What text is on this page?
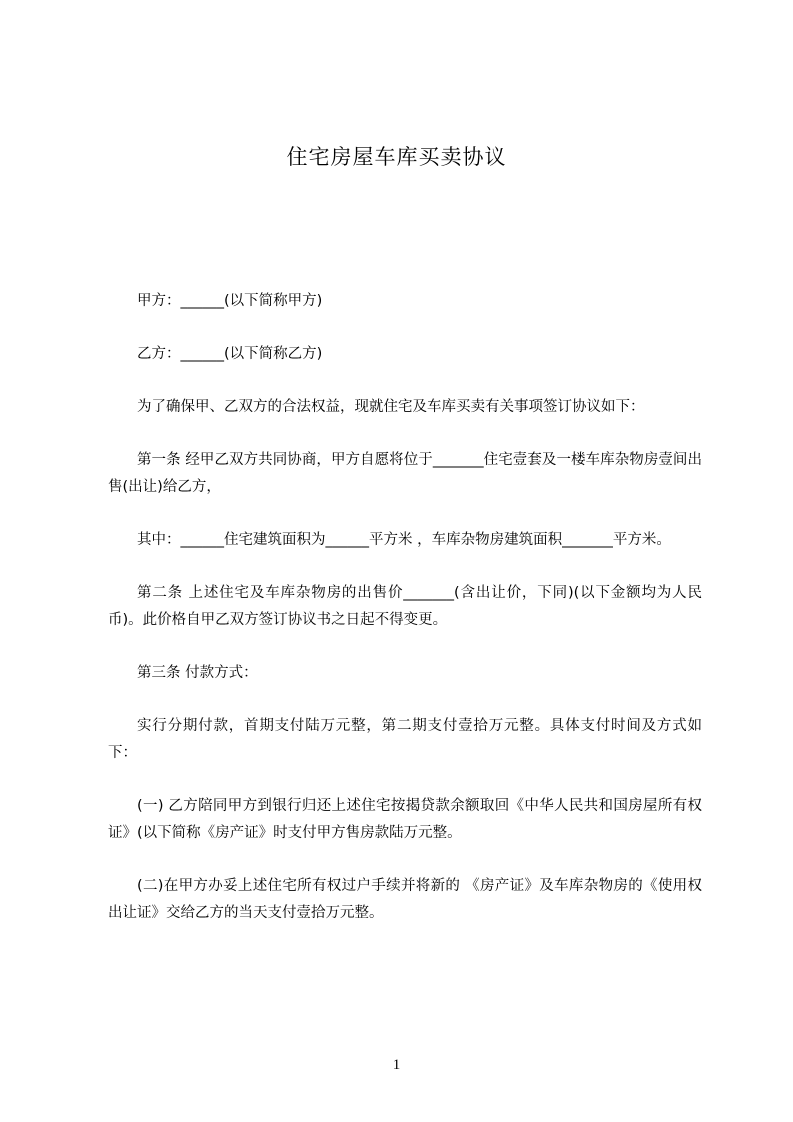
住宅房屋车库买卖协议

甲方：______(以下简称甲方)

乙方：______(以下简称乙方)

为了确保甲、乙双方的合法权益，现就住宅及车库买卖有关事项签订协议如下：

第一条 经甲乙双方共同协商，甲方自愿将位于_______住宅壹套及一楼车库杂物房壹间出售(出让)给乙方，

其中：______住宅建筑面积为______平方米 ，车库杂物房建筑面积_______平方米。

第二条 上述住宅及车库杂物房的出售价_______(含出让价，下同)(以下金额均为人民币)。此价格自甲乙双方签订协议书之日起不得变更。

第三条 付款方式：

实行分期付款，首期支付陆万元整，第二期支付壹拾万元整。具体支付时间及方式如下：

(一) 乙方陪同甲方到银行归还上述住宅按揭贷款余额取回《中华人民共和国房屋所有权证》(以下简称《房产证》时支付甲方售房款陆万元整。

(二)在甲方办妥上述住宅所有权过户手续并将新的 《房产证》及车库杂物房的《使用权出让证》交给乙方的当天支付壹拾万元整。

1
